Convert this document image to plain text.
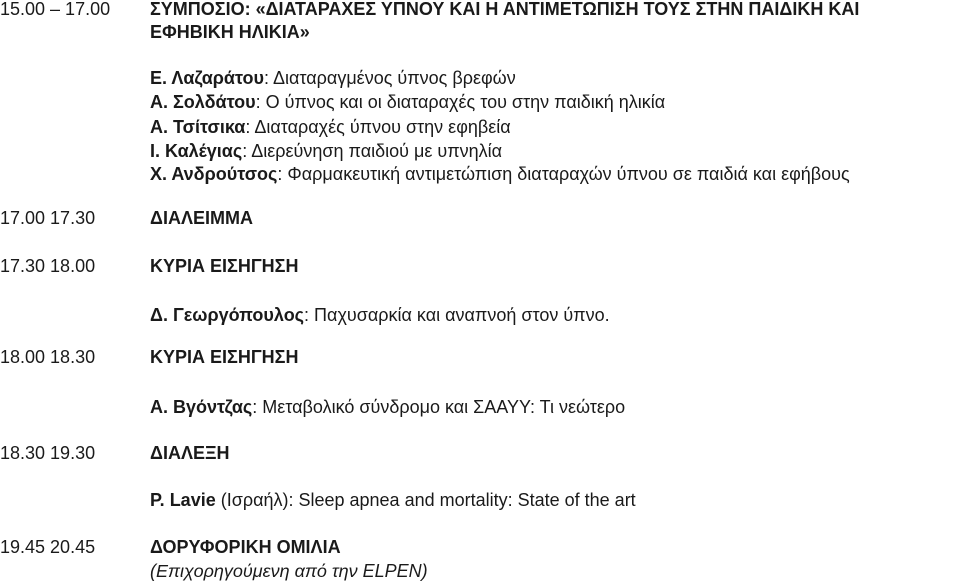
15.00 – 17.00 ΣΥΜΠΟΣΙΟ: «ΔΙΑΤΑΡΑΧΕΣ ΥΠΝΟΥ ΚΑΙ Η ΑΝΤΙΜΕΤΩΠΙΣΗ ΤΟΥΣ ΣΤΗΝ ΠΑΙΔΙΚΗ ΚΑΙ
ΕΦΗΒΙΚΗ ΗΛΙΚΙΑ»
Ε. Λαζαράτου: Διαταραγμένος ύπνος βρεφών
Α. Σολδάτου: Ο ύπνος και οι διαταραχές του στην παιδική ηλικία
Α. Τσίτσικα: Διαταραχές ύπνου στην εφηβεία
Ι. Καλέγιας: Διερεύνηση παιδιού με υπνηλία
Χ. Ανδρούτσος: Φαρμακευτική αντιμετώπιση διαταραχών ύπνου σε παιδιά και εφήβους
17.00 17.30	ΔΙΑΛΕΙΜΜΑ
17.30 18.00	ΚΥΡΙΑ ΕΙΣΗΓΗΣΗ
Δ. Γεωργόπουλος: Παχυσαρκία και αναπνοή στον ύπνο.
18.00 18.30	ΚΥΡΙΑ ΕΙΣΗΓΗΣΗ
Α. Βγόντζας: Μεταβολικό σύνδρομο και ΣΑΑΥΥ: Τι νεώτερο
18.30 19.30	ΔΙΑΛΕΞΗ
P. Lavie (Ισραήλ): Sleep apnea and mortality: State of the art
19.45 20.45	ΔΟΡΥΦΟΡΙΚΗ ΟΜΙΛΙΑ
(Επιχορηγούμενη από την ELPEN)
